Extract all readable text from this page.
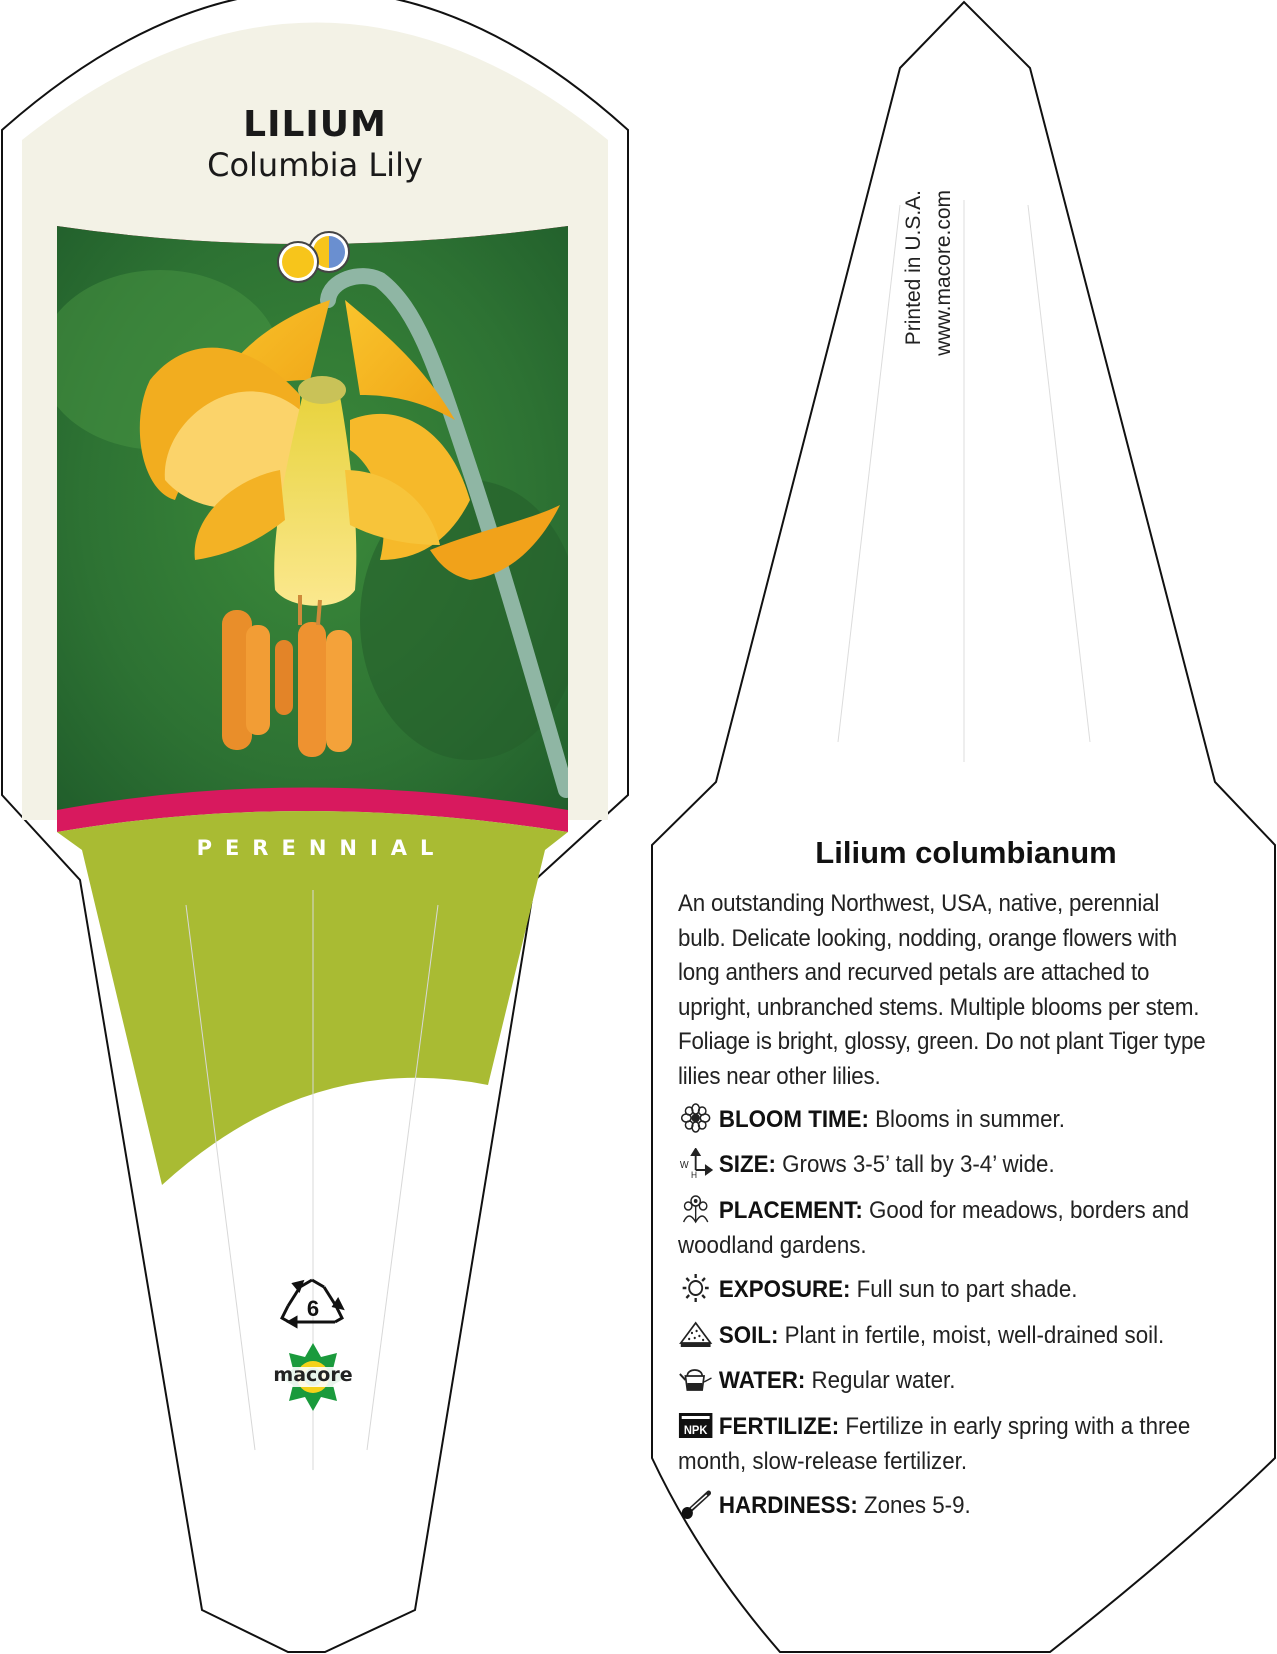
LILIUM
Columbia Lily
PERENNIAL
6
macore
Printed in U.S.A. www.macore.com
Lilium columbianum
An outstanding Northwest, USA, native, perennial bulb. Delicate looking, nodding, orange flowers with long anthers and recurved petals are attached to upright, unbranched stems. Multiple blooms per stem. Foliage is bright, glossy, green. Do not plant Tiger type lilies near other lilies.
BLOOM TIME: Blooms in summer.
W
H SIZE: Grows 3-5’ tall by 3-4’ wide.
PLACEMENT: Good for meadows, borders and woodland gardens.
EXPOSURE: Full sun to part shade.
SOIL: Plant in fertile, moist, well-drained soil.
WATER: Regular water.
NPK FERTILIZE: Fertilize in early spring with a three month, slow-release fertilizer.
HARDINESS: Zones 5-9.
